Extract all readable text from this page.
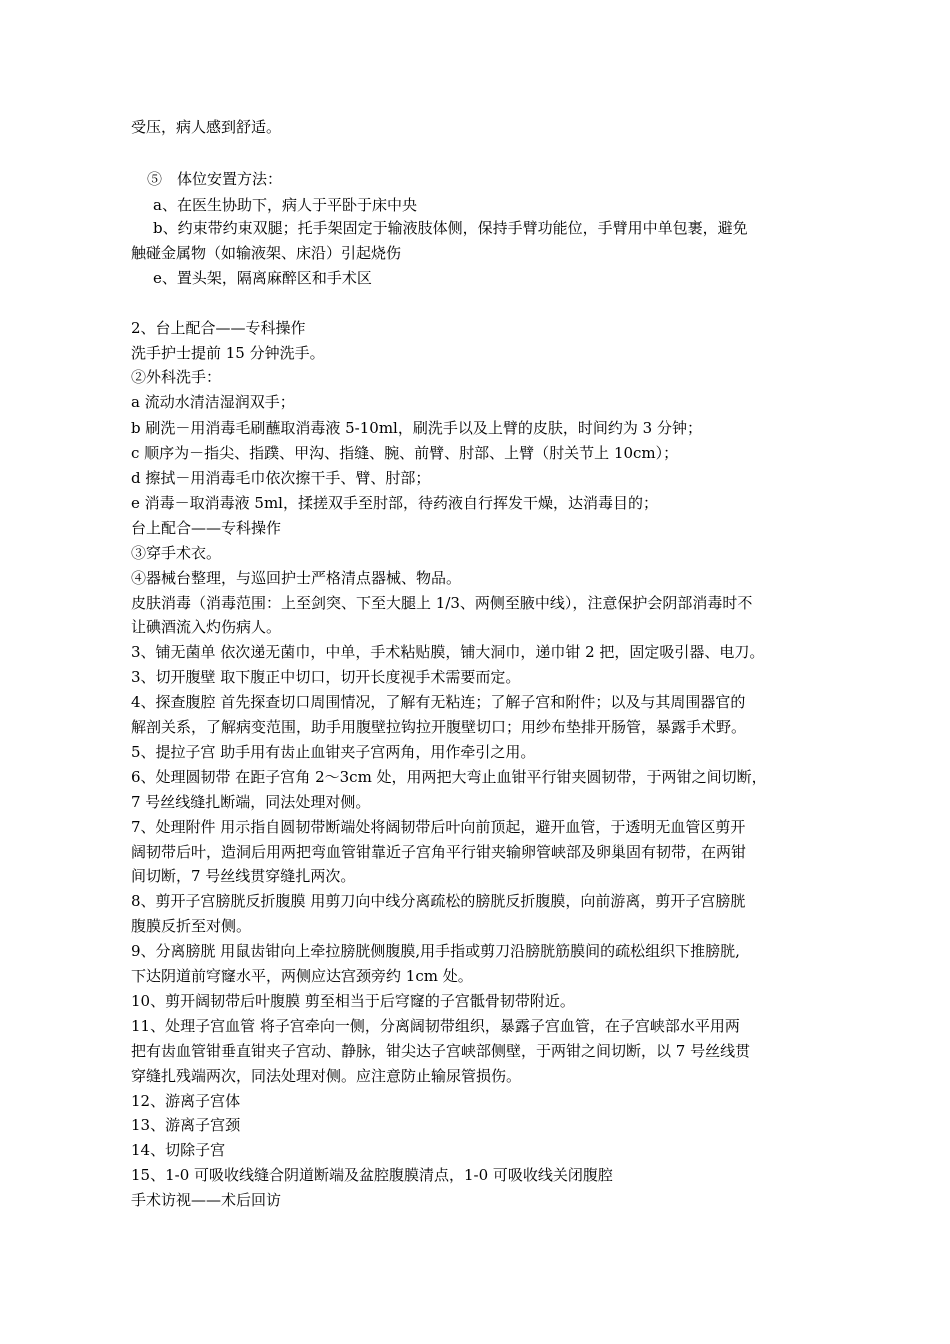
受压，病人感到舒适。
⑤　体位安置方法：
a、在医生协助下，病人于平卧于床中央
b、约束带约束双腿；托手架固定于输液肢体侧，保持手臂功能位，手臂用中单包裹，避免
触碰金属物（如输液架、床沿）引起烧伤
e、置头架，隔离麻醉区和手术区
2、台上配合——专科操作
洗手护士提前 15 分钟洗手。
②外科洗手：
a 流动水清洁湿润双手；
b 刷洗－用消毒毛刷蘸取消毒液 5-10ml，刷洗手以及上臂的皮肤，时间约为 3 分钟；
c 顺序为－指尖、指蹼、甲沟、指缝、腕、前臂、肘部、上臂（肘关节上 10cm）；
d 擦拭－用消毒毛巾依次擦干手、臂、肘部；
e 消毒－取消毒液 5ml，揉搓双手至肘部，待药液自行挥发干燥，达消毒目的；
台上配合——专科操作
③穿手术衣。
④器械台整理，与巡回护士严格清点器械、物品。
皮肤消毒（消毒范围：上至剑突、下至大腿上 1/3、两侧至腋中线），注意保护会阴部消毒时不
让碘酒流入灼伤病人。
3、铺无菌单 依次递无菌巾，中单，手术粘贴膜，铺大洞巾，递巾钳 2 把，固定吸引器、电刀。
3、切开腹壁 取下腹正中切口，切开长度视手术需要而定。
4、探查腹腔 首先探查切口周围情况，了解有无粘连；了解子宫和附件；以及与其周围器官的
解剖关系，了解病变范围，助手用腹壁拉钩拉开腹壁切口；用纱布垫排开肠管，暴露手术野。
5、提拉子宫 助手用有齿止血钳夹子宫两角，用作牵引之用。
6、处理圆韧带 在距子宫角 2～3cm 处，用两把大弯止血钳平行钳夹圆韧带，于两钳之间切断，
7 号丝线缝扎断端，同法处理对侧。
7、处理附件 用示指自圆韧带断端处将阔韧带后叶向前顶起，避开血管，于透明无血管区剪开
阔韧带后叶，造洞后用两把弯血管钳靠近子宫角平行钳夹输卵管峡部及卵巢固有韧带，在两钳
间切断，7 号丝线贯穿缝扎两次。
8、剪开子宫膀胱反折腹膜 用剪刀向中线分离疏松的膀胱反折腹膜，向前游离，剪开子宫膀胱
腹膜反折至对侧。
9、分离膀胱 用鼠齿钳向上牵拉膀胱侧腹膜,用手指或剪刀沿膀胱筋膜间的疏松组织下推膀胱,
下达阴道前穹窿水平，两侧应达宫颈旁约 1cm 处。
10、剪开阔韧带后叶腹膜 剪至相当于后穹窿的子宫骶骨韧带附近。
11、处理子宫血管 将子宫牵向一侧，分离阔韧带组织，暴露子宫血管，在子宫峡部水平用两
把有齿血管钳垂直钳夹子宫动、静脉，钳尖达子宫峡部侧壁，于两钳之间切断，以 7 号丝线贯
穿缝扎残端两次，同法处理对侧。应注意防止输尿管损伤。
12、游离子宫体
13、游离子宫颈
14、切除子宫
15、1-0 可吸收线缝合阴道断端及盆腔腹膜清点，1-0 可吸收线关闭腹腔
手术访视——术后回访
